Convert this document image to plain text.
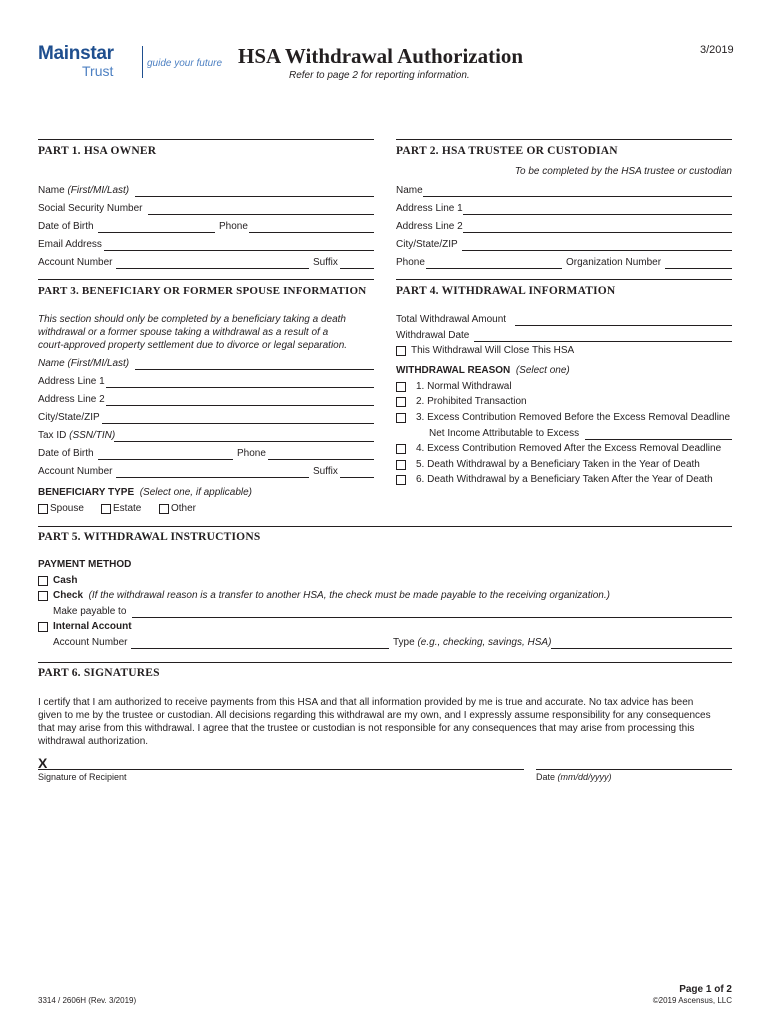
Mainstar
Trust	guide your future HSA Withdrawal Authorization
Refer to page 2 for reporting information.
3/2019
PART 1. HSA OWNER
Name (First/MI/Last)
Social Security Number
Date of Birth	Phone
Email Address
Account Number	Suffix
PART 2. HSA TRUSTEE OR CUSTODIAN
To be completed by the HSA trustee or custodian
Name
Address Line 1
Address Line 2
City/State/ZIP
Phone	Organization Number
PART 3. BENEFICIARY OR FORMER SPOUSE INFORMATION
This section should only be completed by a beneficiary taking a death
withdrawal or a former spouse taking a withdrawal as a result of a
court-approved property settlement due to divorce or legal separation.
Name (First/MI/Last)
Address Line 1
Address Line 2
City/State/ZIP
Tax ID (SSN/TIN)
Date of Birth	Phone
Account Number	Suffix
BENEFICIARY TYPE (Select one, if applicable)
Spouse	Estate	Other
PART 4. WITHDRAWAL INFORMATION
Total Withdrawal Amount
Withdrawal Date
This Withdrawal Will Close This HSA
WITHDRAWAL REASON (Select one)
1. Normal Withdrawal
2. Prohibited Transaction
3. Excess Contribution Removed Before the Excess Removal Deadline
Net Income Attributable to Excess
4. Excess Contribution Removed After the Excess Removal Deadline
5. Death Withdrawal by a Beneficiary Taken in the Year of Death
6. Death Withdrawal by a Beneficiary Taken After the Year of Death
PART 5. WITHDRAWAL INSTRUCTIONS
PAYMENT METHOD
Cash
Check (If the withdrawal reason is a transfer to another HSA, the check must be made payable to the receiving organization.)
Make payable to
Internal Account
Account Number	Type (e.g., checking, savings, HSA)
PART 6. SIGNATURES
I certify that I am authorized to receive payments from this HSA and that all information provided by me is true and accurate. No tax advice has been
given to me by the trustee or custodian. All decisions regarding this withdrawal are my own, and I expressly assume responsibility for any consequences
that may arise from this withdrawal. I agree that the trustee or custodian is not responsible for any consequences that may arise from processing this
withdrawal authorization.
X
Signature of Recipient	Date (mm/dd/yyyy)
Page 1 of 2
3314 / 2606H (Rev. 3/2019)	©2019 Ascensus, LLC
